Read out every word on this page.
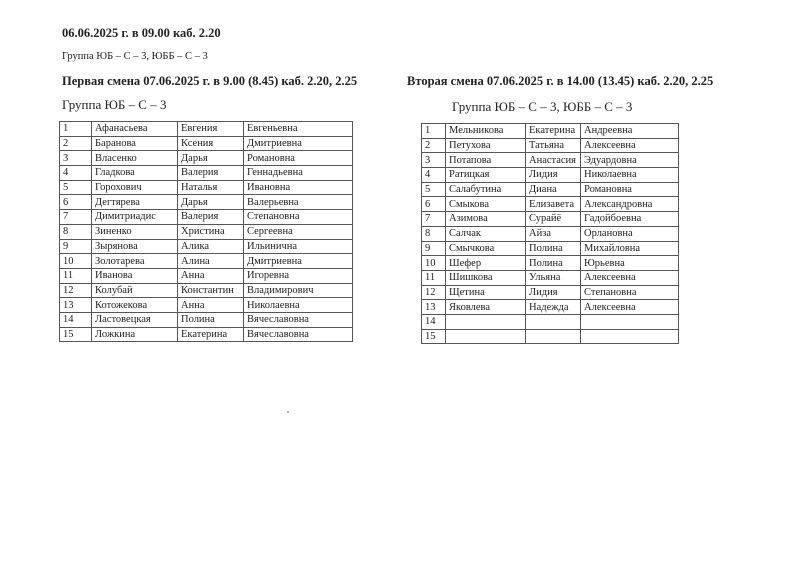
06.06.2025 г. в 09.00 каб. 2.20
Группа ЮБ – С – 3, ЮББ – С – 3
Первая смена 07.06.2025 г. в 9.00 (8.45) каб. 2.20, 2.25	Вторая смена 07.06.2025 г. в 14.00 (13.45) каб. 2.20, 2.25
Группа ЮБ – С – 3	Группа ЮБ – С – 3, ЮББ – С – 3
1	Афанасьева	Евгения	Евгеньевна
2	Баранова	Ксения	Дмитриевна
3	Власенко	Дарья	Романовна
4	Гладкова	Валерия	Геннадьевна
5	Горохович	Наталья	Ивановна
6	Дегтярева	Дарья	Валерьевна
7	Димитриадис	Валерия	Степановна
8	Зиненко	Христина	Сергеевна
9	Зырянова	Алика	Ильинична
10	Золотарева	Алина	Дмитриевна
11	Иванова	Анна	Игоревна
12	Колубай	Константин	Владимирович
13	Котожекова	Анна	Николаевна
14	Ластовецкая	Полина	Вячеславовна
15	Ложкина	Екатерина	Вячеславовна
1	Мельникова	Екатерина	Андреевна
2	Петухова	Татьяна	Алексеевна
3	Потапова	Анастасия	Эдуардовна
4	Ратицкая	Лидия	Николаевна
5	Салабутина	Диана	Романовна
6	Смыкова	Елизавета	Александровна
7	Азимова	Сурайё	Гадойбоевна
8	Салчак	Айза	Орлановна
9	Смычкова	Полина	Михайловна
10	Шефер	Полина	Юрьевна
11	Шишкова	Ульяна	Алексеевна
12	Щетина	Лидия	Степановна
13	Яковлева	Надежда	Алексеевна
14			
15			
